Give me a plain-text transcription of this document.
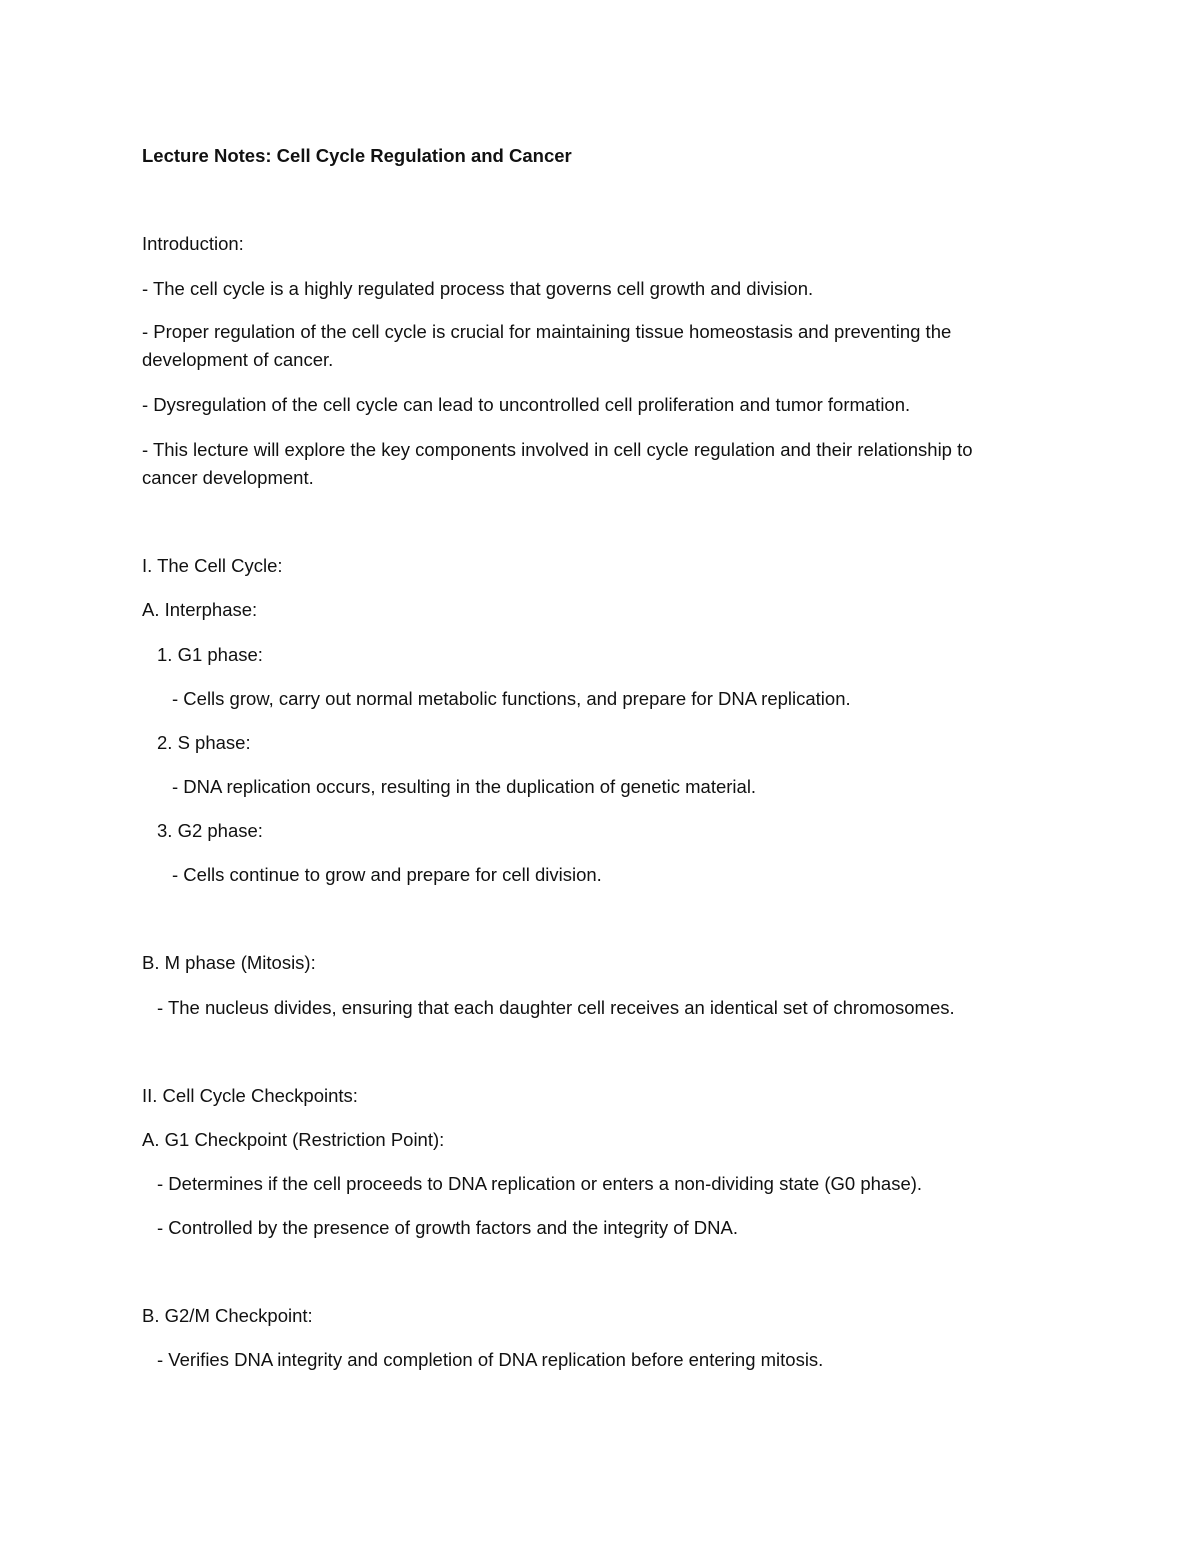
Lecture Notes: Cell Cycle Regulation and Cancer
Introduction:
- The cell cycle is a highly regulated process that governs cell growth and division.
- Proper regulation of the cell cycle is crucial for maintaining tissue homeostasis and preventing the
development of cancer.
- Dysregulation of the cell cycle can lead to uncontrolled cell proliferation and tumor formation.
- This lecture will explore the key components involved in cell cycle regulation and their relationship to
cancer development.
I. The Cell Cycle:
A. Interphase:
1. G1 phase:
- Cells grow, carry out normal metabolic functions, and prepare for DNA replication.
2. S phase:
- DNA replication occurs, resulting in the duplication of genetic material.
3. G2 phase:
- Cells continue to grow and prepare for cell division.
B. M phase (Mitosis):
- The nucleus divides, ensuring that each daughter cell receives an identical set of chromosomes.
II. Cell Cycle Checkpoints:
A. G1 Checkpoint (Restriction Point):
- Determines if the cell proceeds to DNA replication or enters a non-dividing state (G0 phase).
- Controlled by the presence of growth factors and the integrity of DNA.
B. G2/M Checkpoint:
- Verifies DNA integrity and completion of DNA replication before entering mitosis.
